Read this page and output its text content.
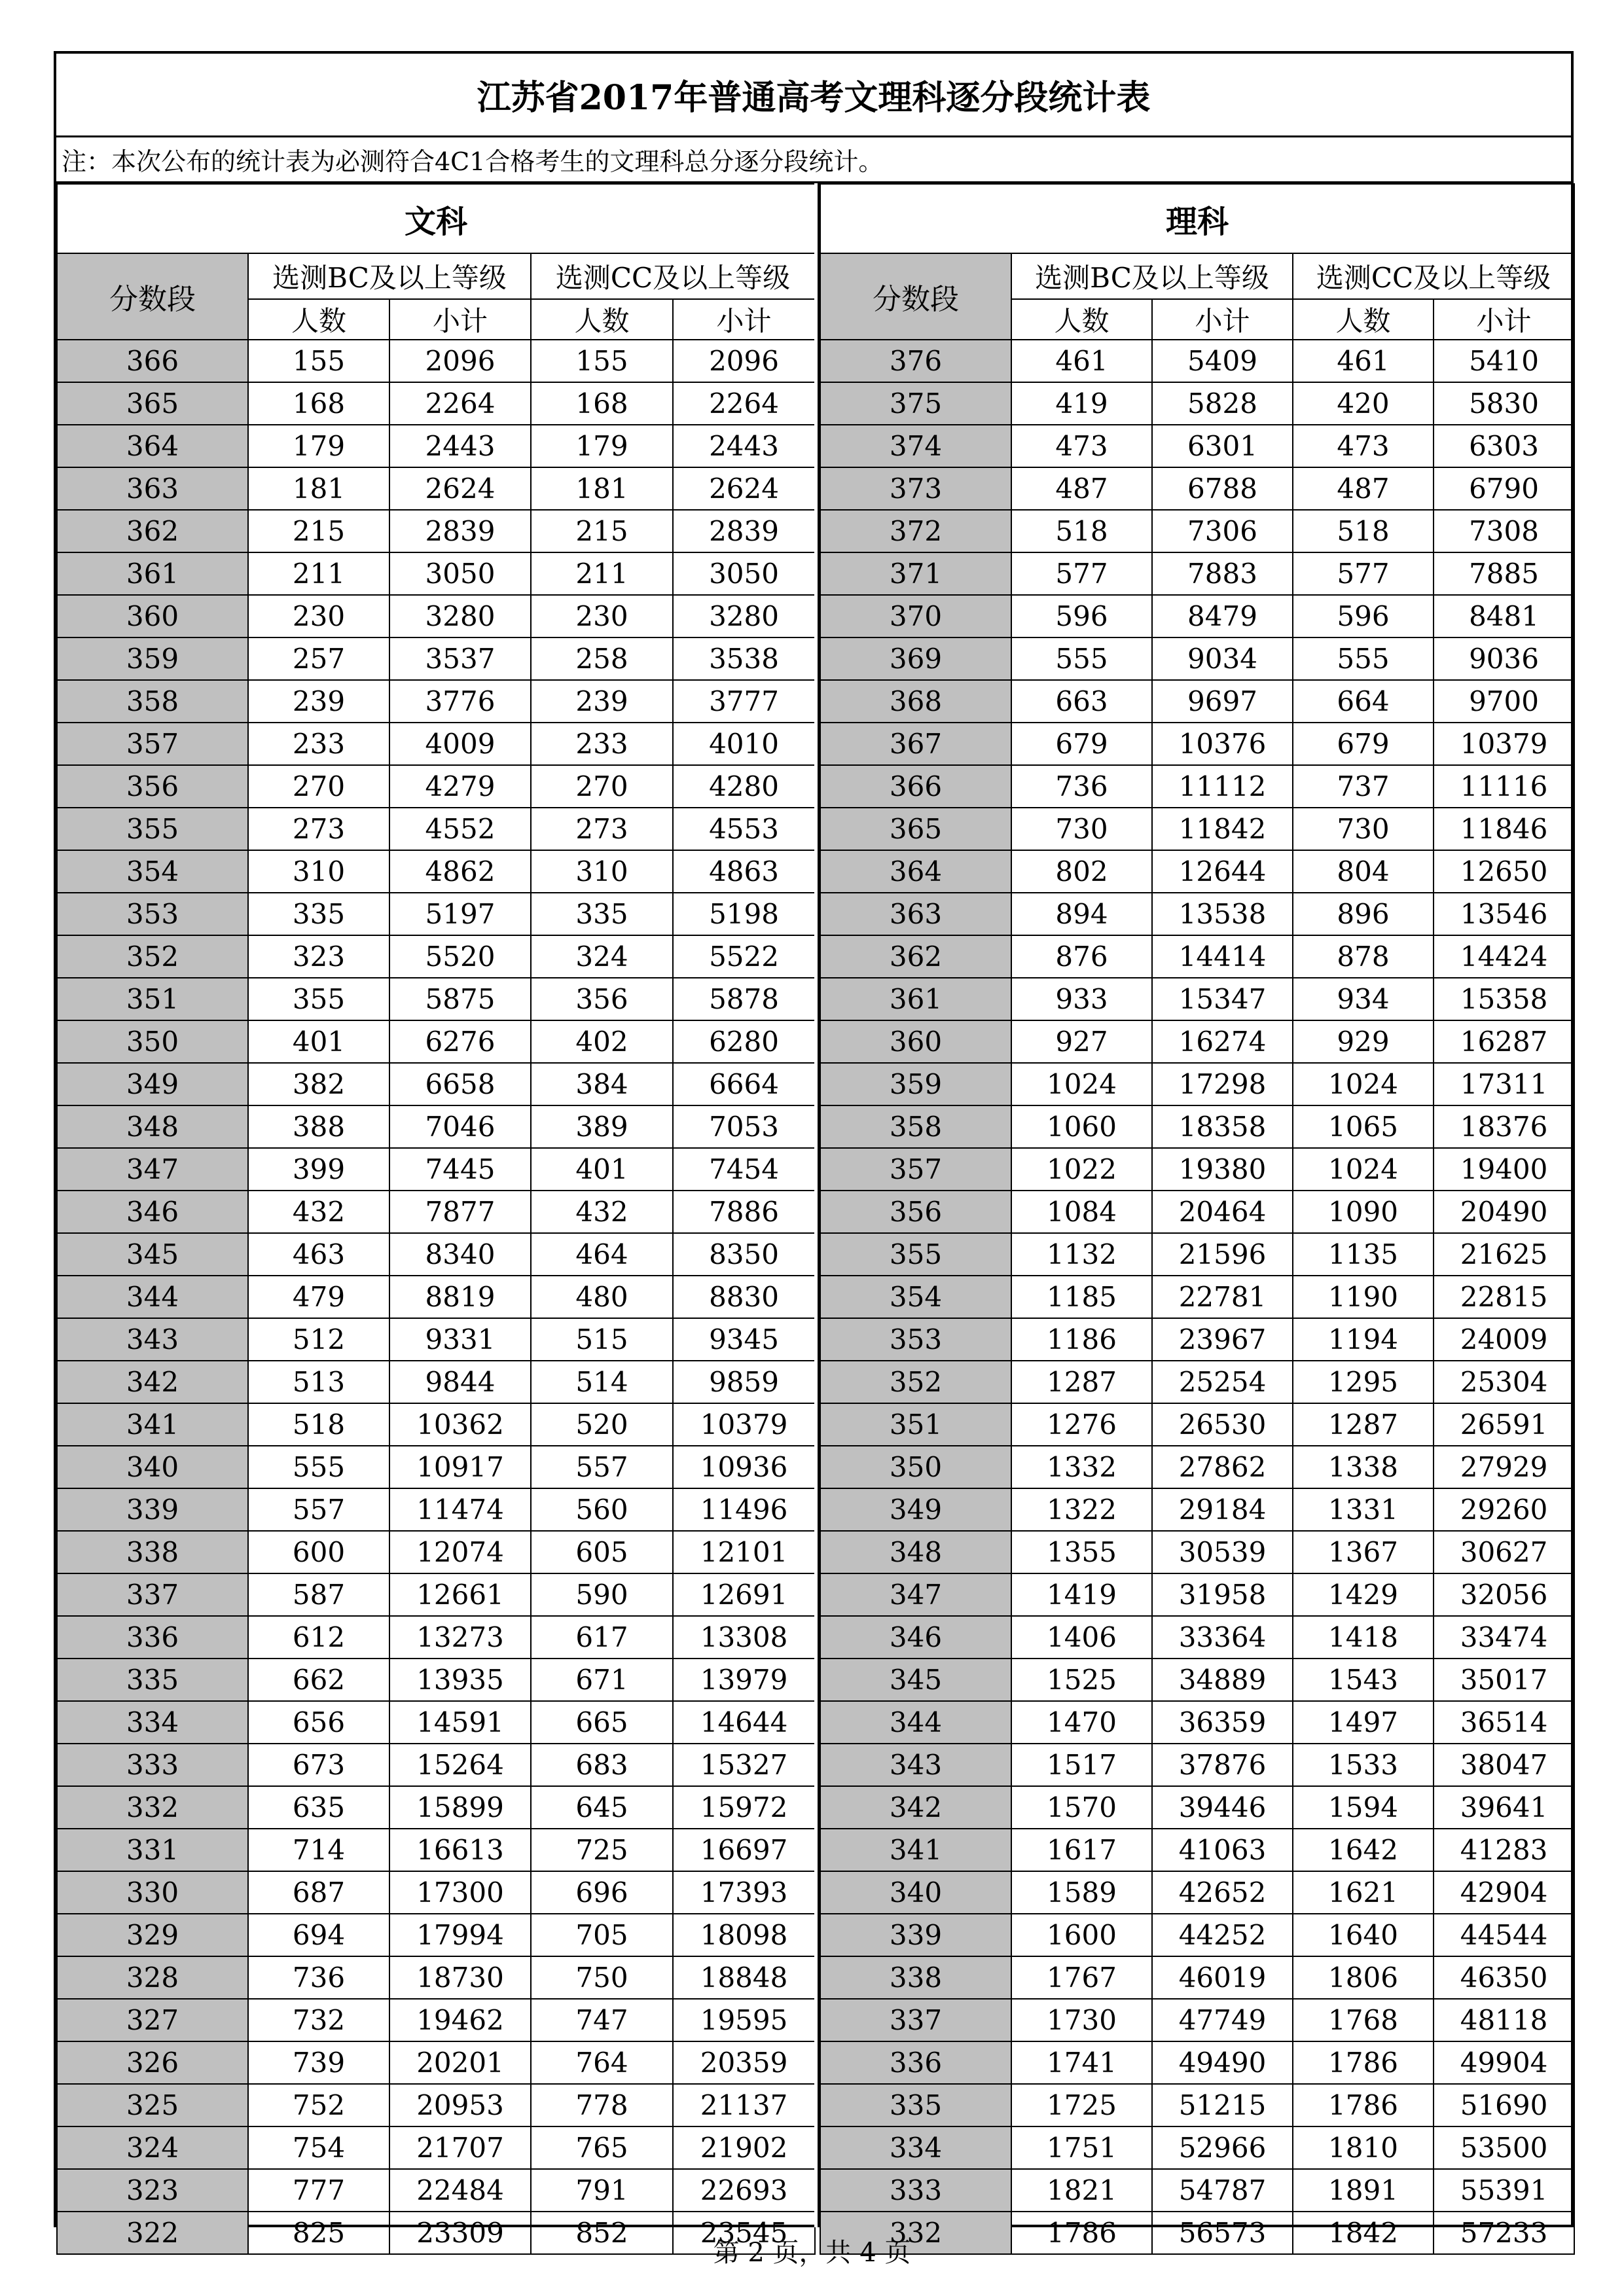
江苏省2017年普通高考文理科逐分段统计表
注：本次公布的统计表为必测符合4C1合格考生的文理科总分逐分段统计。
文科				
分数段	选测BC及以上等级		选测CC及以上等级	
	人数	小计	人数	小计
366	155	2096	155	2096
365	168	2264	168	2264
364	179	2443	179	2443
363	181	2624	181	2624
362	215	2839	215	2839
361	211	3050	211	3050
360	230	3280	230	3280
359	257	3537	258	3538
358	239	3776	239	3777
357	233	4009	233	4010
356	270	4279	270	4280
355	273	4552	273	4553
354	310	4862	310	4863
353	335	5197	335	5198
352	323	5520	324	5522
351	355	5875	356	5878
350	401	6276	402	6280
349	382	6658	384	6664
348	388	7046	389	7053
347	399	7445	401	7454
346	432	7877	432	7886
345	463	8340	464	8350
344	479	8819	480	8830
343	512	9331	515	9345
342	513	9844	514	9859
341	518	10362	520	10379
340	555	10917	557	10936
339	557	11474	560	11496
338	600	12074	605	12101
337	587	12661	590	12691
336	612	13273	617	13308
335	662	13935	671	13979
334	656	14591	665	14644
333	673	15264	683	15327
332	635	15899	645	15972
331	714	16613	725	16697
330	687	17300	696	17393
329	694	17994	705	18098
328	736	18730	750	18848
327	732	19462	747	19595
326	739	20201	764	20359
325	752	20953	778	21137
324	754	21707	765	21902
323	777	22484	791	22693
322	825	23309	852	23545
理科				
分数段	选测BC及以上等级		选测CC及以上等级	
	人数	小计	人数	小计
376	461	5409	461	5410
375	419	5828	420	5830
374	473	6301	473	6303
373	487	6788	487	6790
372	518	7306	518	7308
371	577	7883	577	7885
370	596	8479	596	8481
369	555	9034	555	9036
368	663	9697	664	9700
367	679	10376	679	10379
366	736	11112	737	11116
365	730	11842	730	11846
364	802	12644	804	12650
363	894	13538	896	13546
362	876	14414	878	14424
361	933	15347	934	15358
360	927	16274	929	16287
359	1024	17298	1024	17311
358	1060	18358	1065	18376
357	1022	19380	1024	19400
356	1084	20464	1090	20490
355	1132	21596	1135	21625
354	1185	22781	1190	22815
353	1186	23967	1194	24009
352	1287	25254	1295	25304
351	1276	26530	1287	26591
350	1332	27862	1338	27929
349	1322	29184	1331	29260
348	1355	30539	1367	30627
347	1419	31958	1429	32056
346	1406	33364	1418	33474
345	1525	34889	1543	35017
344	1470	36359	1497	36514
343	1517	37876	1533	38047
342	1570	39446	1594	39641
341	1617	41063	1642	41283
340	1589	42652	1621	42904
339	1600	44252	1640	44544
338	1767	46019	1806	46350
337	1730	47749	1768	48118
336	1741	49490	1786	49904
335	1725	51215	1786	51690
334	1751	52966	1810	53500
333	1821	54787	1891	55391
332	1786	56573	1842	57233
第 2 页，共 4 页
